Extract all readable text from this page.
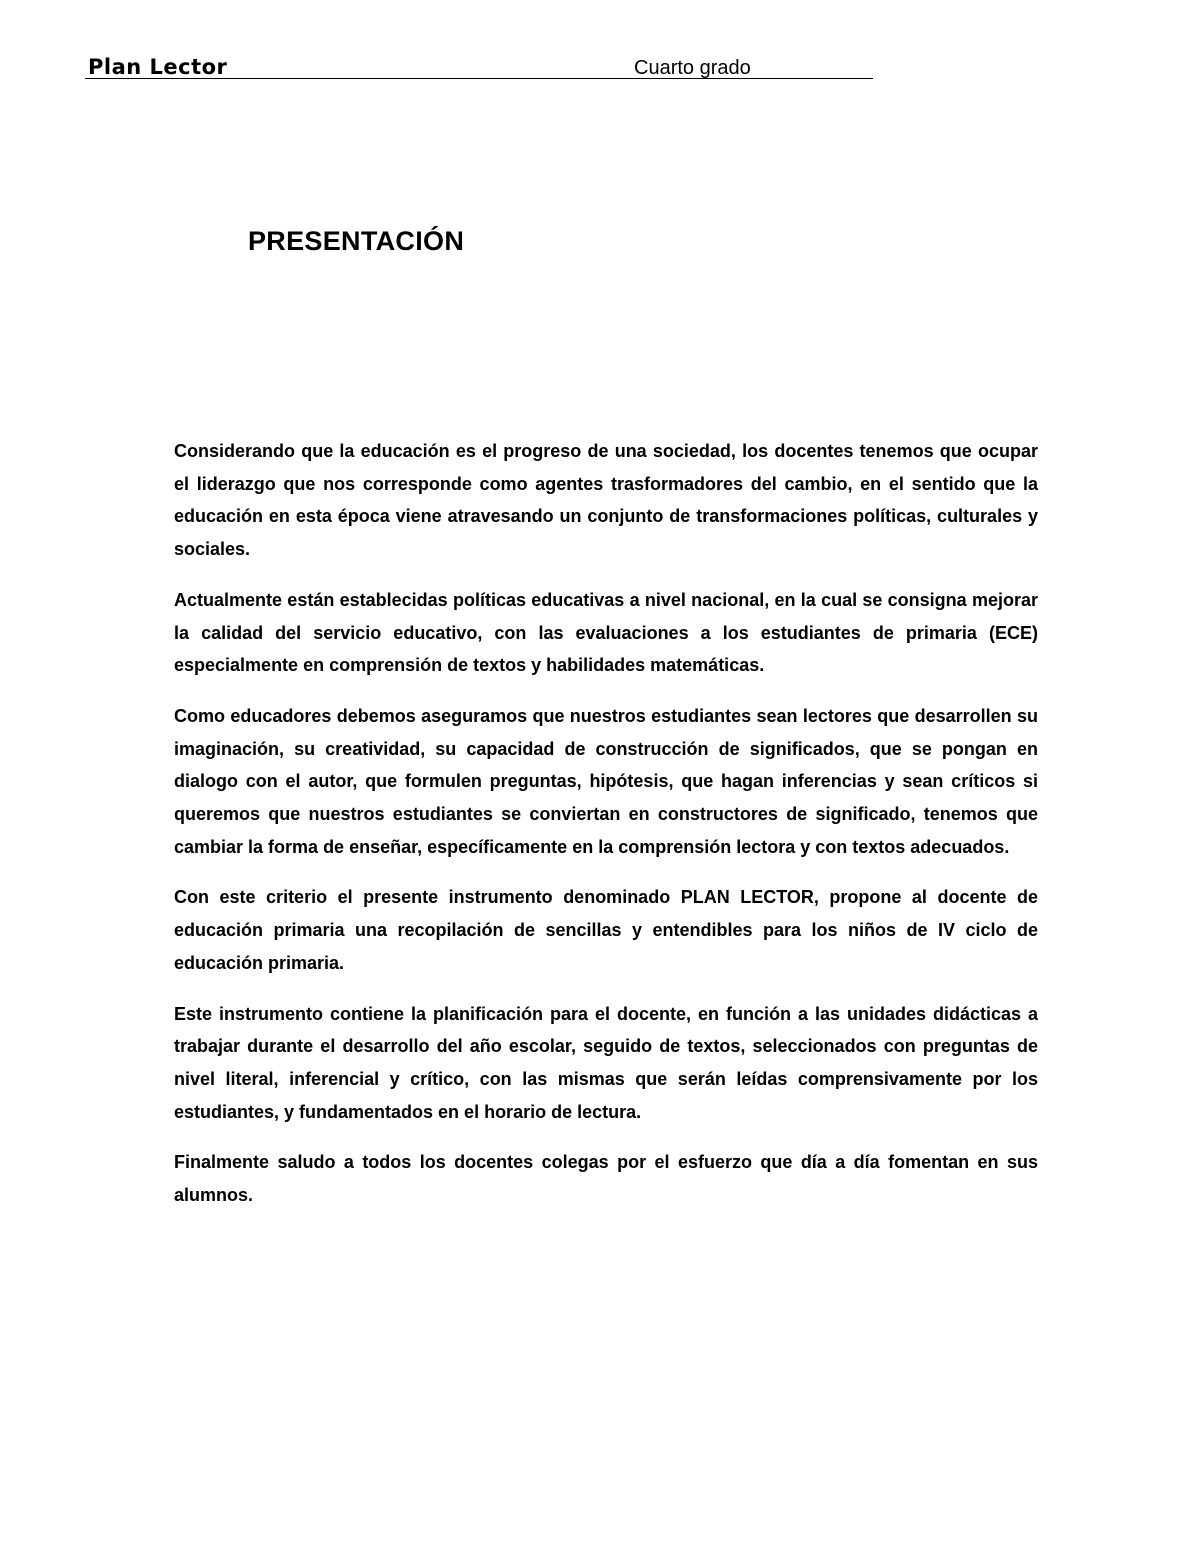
Plan Lector	Cuarto grado
PRESENTACIÓN

Considerando que la educación es el progreso de una sociedad, los docentes tenemos que ocupar el liderazgo que nos corresponde como agentes trasformadores del cambio, en el sentido que la educación en esta época viene atravesando un conjunto de transformaciones políticas, culturales y sociales.

Actualmente están establecidas políticas educativas a nivel nacional, en la cual se consigna mejorar la calidad del servicio educativo, con las evaluaciones a los estudiantes de primaria (ECE) especialmente en comprensión de textos y habilidades matemáticas.

Como educadores debemos aseguramos que nuestros estudiantes sean lectores que desarrollen su imaginación, su creatividad, su capacidad de construcción de significados, que se pongan en dialogo con el autor, que formulen preguntas, hipótesis, que hagan inferencias y sean críticos si queremos que nuestros estudiantes se conviertan en constructores de significado, tenemos que cambiar la forma de enseñar, específicamente en la comprensión lectora y con textos adecuados.

Con este criterio el presente instrumento denominado PLAN LECTOR, propone al docente de educación primaria una recopilación de sencillas y entendibles para los niños de IV ciclo de educación primaria.

Este instrumento contiene la planificación para el docente, en función a las unidades didácticas a trabajar durante el desarrollo del año escolar, seguido de textos, seleccionados con preguntas de nivel literal, inferencial y crítico, con las mismas que serán leídas comprensivamente por los estudiantes, y fundamentados en el horario de lectura.

Finalmente saludo a todos los docentes colegas por el esfuerzo que día a día fomentan en sus alumnos.
